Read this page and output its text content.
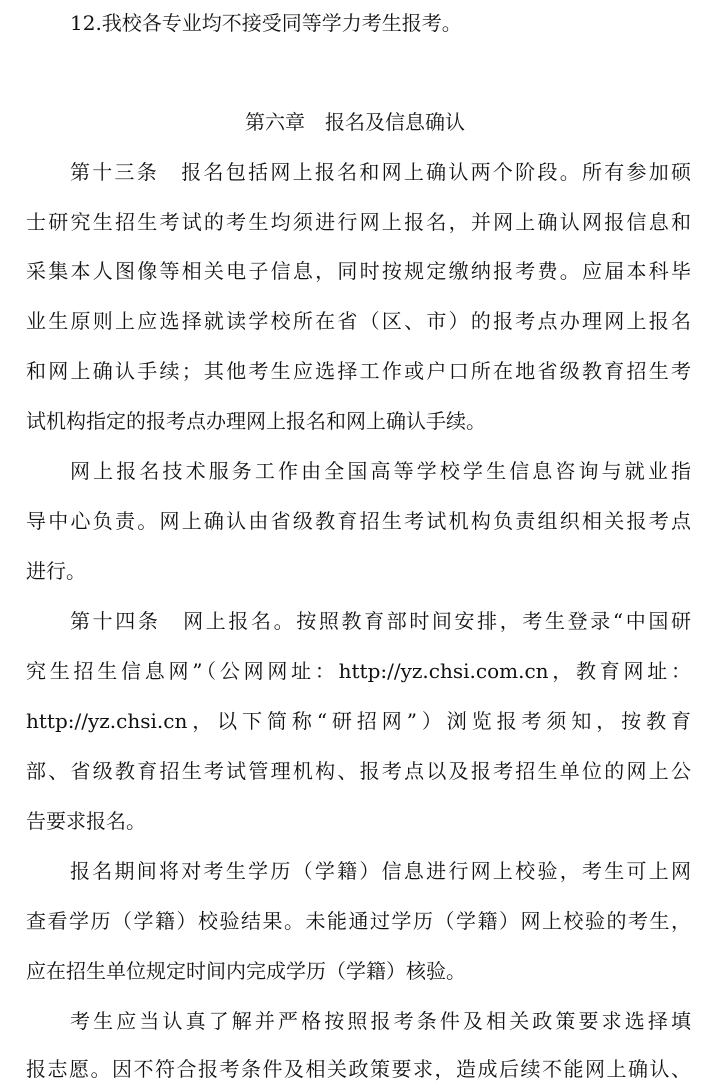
12.我校各专业均不接受同等学力考生报考。
第六章　报名及信息确认
第十三条　报名包括网上报名和网上确认两个阶段。所有参加硕
士研究生招生考试的考生均须进行网上报名，并网上确认网报信息和
采集本人图像等相关电子信息，同时按规定缴纳报考费。应届本科毕
业生原则上应选择就读学校所在省（区、市）的报考点办理网上报名
和网上确认手续；其他考生应选择工作或户口所在地省级教育招生考
试机构指定的报考点办理网上报名和网上确认手续。
网上报名技术服务工作由全国高等学校学生信息咨询与就业指
导中心负责。网上确认由省级教育招生考试机构负责组织相关报考点
进行。
第十四条　网上报名。按照教育部时间安排，考生登录“中国研
究生招生信息网”（公网网址：http://yz.chsi.com.cn，教育网址：
http://yz.chsi.cn，以下简称“研招网”）浏览报考须知，按教育
部、省级教育招生考试管理机构、报考点以及报考招生单位的网上公
告要求报名。
报名期间将对考生学历（学籍）信息进行网上校验，考生可上网
查看学历（学籍）校验结果。未能通过学历（学籍）网上校验的考生，
应在招生单位规定时间内完成学历（学籍）核验。
考生应当认真了解并严格按照报考条件及相关政策要求选择填
报志愿。因不符合报考条件及相关政策要求，造成后续不能网上确认、
